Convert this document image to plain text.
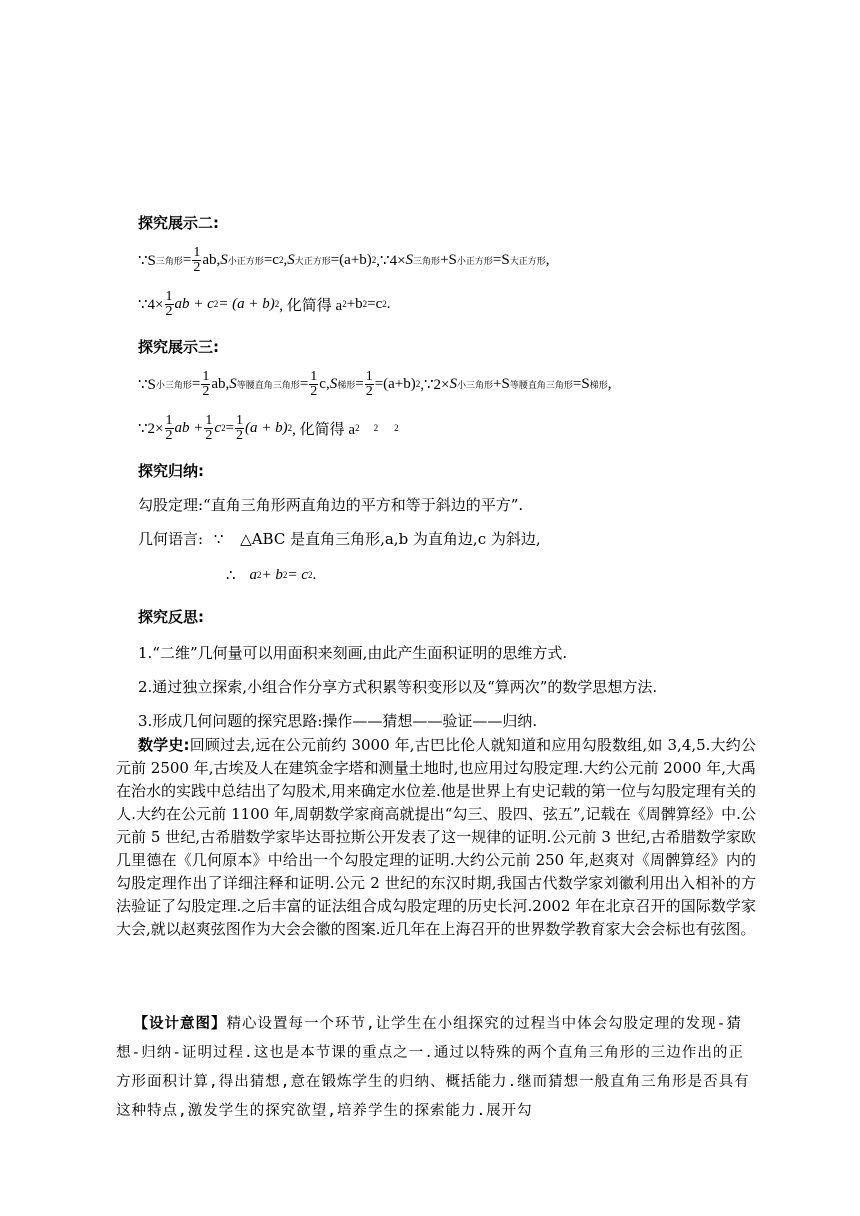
探究展示二:
∵S 三角形 = $\frac{1}{2}$ ab, S 小正方形 =c 2 , S 大正方形 =(a+b) 2 ,∵4× S 三角形 +S 小正方形 =S 大正方形 ,
∵4× $\frac{1}{2}$ ab + c 2 = (a + b) 2 , 化简得 a 2 +b 2 =c 2 .
探究展示三:
∵S 小三角形 = $\frac{1}{2}$ ab, S 等腰直角三角形 = $\frac{1}{2} c$, S 梯形 = $\frac{1}{2} =(a+b)$ 2 ,∵2× S 小三角形 +S 等腰直角三角形 =S 梯形 ,
∵2× $\frac{1}{2}$ ab + $\frac{1}{2}$ c $2 = \frac{1}{2} (a + b)$ 2 , 化简得 a 2 2 2
探究归纳:
勾股定理:“直角三角形两直角边的平方和等于斜边的平方”.
几何语言: ∵ △ABC 是直角三角形,a,b 为直角边,c 为斜边,
∴ a 2 + b 2 = c 2 .
探究反思:
1.“二维”几何量可以用面积来刻画,由此产生面积证明的思维方式.
2.通过独立探索,小组合作分享方式积累等积变形以及“算两次”的数学思想方法.
3.形成几何问题的探究思路:操作——猜想——验证——归纳.
数学史:回顾过去,远在公元前约 3000 年,古巴比伦人就知道和应用勾股数组,如 3,4,5.大约公元前 2500 年,古埃及人在建筑金字塔和测量土地时,也应用过勾股定理.大约公元前 2000 年,大禹在治水的实践中总结出了勾股术,用来确定水位差.他是世界上有史记载的第一位与勾股定理有关的人.大约在公元前 1100 年,周朝数学家商高就提出“勾三、股四、弦五”,记载在《周髀算经》中.公元前 5 世纪,古希腊数学家毕达哥拉斯公开发表了这一规律的证明.公元前 3 世纪,古希腊数学家欧几里德在《几何原本》中给出一个勾股定理的证明.大约公元前 250 年,赵爽对《周髀算经》内的勾股定理作出了详细注释和证明.公元 2 世纪的东汉时期,我国古代数学家刘徽利用出入相补的方法验证了勾股定理.之后丰富的证法组合成勾股定理的历史长河.2002 年在北京召开的国际数学家大会,就以赵爽弦图作为大会会徽的图案.近几年在上海召开的世界数学教育家大会会标也有弦图。
【设计意图】精心设置每一个环节,让学生在小组探究的过程当中体会勾股定理的发现-猜想-归纳-证明过程.这也是本节课的重点之一.通过以特殊的两个直角三角形的三边作出的正方形面积计算,得出猜想,意在锻炼学生的归纳、概括能力.继而猜想一般直角三角形是否具有这种特点,激发学生的探究欲望,培养学生的探索能力.展开勾
